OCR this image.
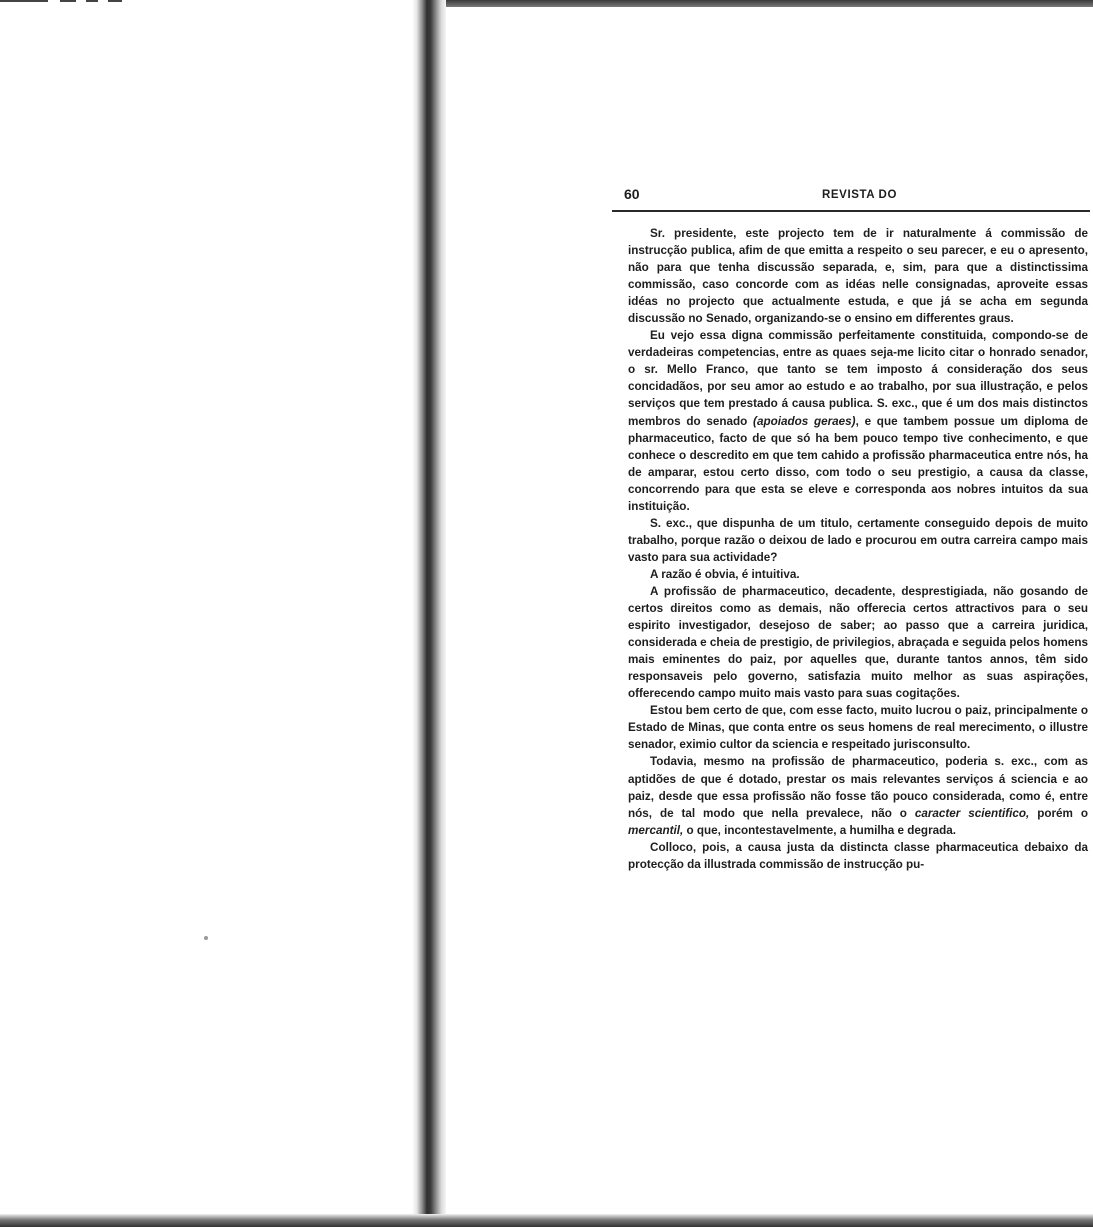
60	REVISTA DO

Sr. presidente, este projecto tem de ir naturalmente á commissão de instrucção publica, afim de que emitta a respeito o seu parecer, e eu o apresento, não para que tenha discussão separada, e, sim, para que a distinctissima commissão, caso concorde com as idéas nelle consignadas, aproveite essas idéas no projecto que actualmente estuda, e que já se acha em segunda discussão no Senado, organizando-se o ensino em differentes graus.

Eu vejo essa digna commissão perfeitamente constituida, compondo-se de verdadeiras competencias, entre as quaes seja-me licito citar o honrado senador, o sr. Mello Franco, que tanto se tem imposto á consideração dos seus concidadãos, por seu amor ao estudo e ao trabalho, por sua illustração, e pelos serviços que tem prestado á causa publica. S. exc., que é um dos mais distinctos membros do senado (apoiados geraes), e que tambem possue um diploma de pharmaceutico, facto de que só ha bem pouco tempo tive conhecimento, e que conhece o descredito em que tem cahido a profissão pharmaceutica entre nós, ha de amparar, estou certo disso, com todo o seu prestigio, a causa da classe, concorrendo para que esta se eleve e corresponda aos nobres intuitos da sua instituição.

S. exc., que dispunha de um titulo, certamente conseguido depois de muito trabalho, porque razão o deixou de lado e procurou em outra carreira campo mais vasto para sua actividade?

A razão é obvia, é intuitiva.

A profissão de pharmaceutico, decadente, desprestigiada, não gosando de certos direitos como as demais, não offerecia certos attractivos para o seu espirito investigador, desejoso de saber; ao passo que a carreira juridica, considerada e cheia de prestigio, de privilegios, abraçada e seguida pelos homens mais eminentes do paiz, por aquelles que, durante tantos annos, têm sido responsaveis pelo governo, satisfazia muito melhor as suas aspirações, offerecendo campo muito mais vasto para suas cogitações.

Estou bem certo de que, com esse facto, muito lucrou o paiz, principalmente o Estado de Minas, que conta entre os seus homens de real merecimento, o illustre senador, eximio cultor da sciencia e respeitado jurisconsulto.

Todavia, mesmo na profissão de pharmaceutico, poderia s. exc., com as aptidões de que é dotado, prestar os mais relevantes serviços á sciencia e ao paiz, desde que essa profissão não fosse tão pouco considerada, como é, entre nós, de tal modo que nella prevalece, não o caracter scientifico, porém o mercantil, o que, incontestavelmente, a humilha e degrada.

Colloco, pois, a causa justa da distincta classe pharmaceutica debaixo da protecção da illustrada commissão de instrucção pu-
